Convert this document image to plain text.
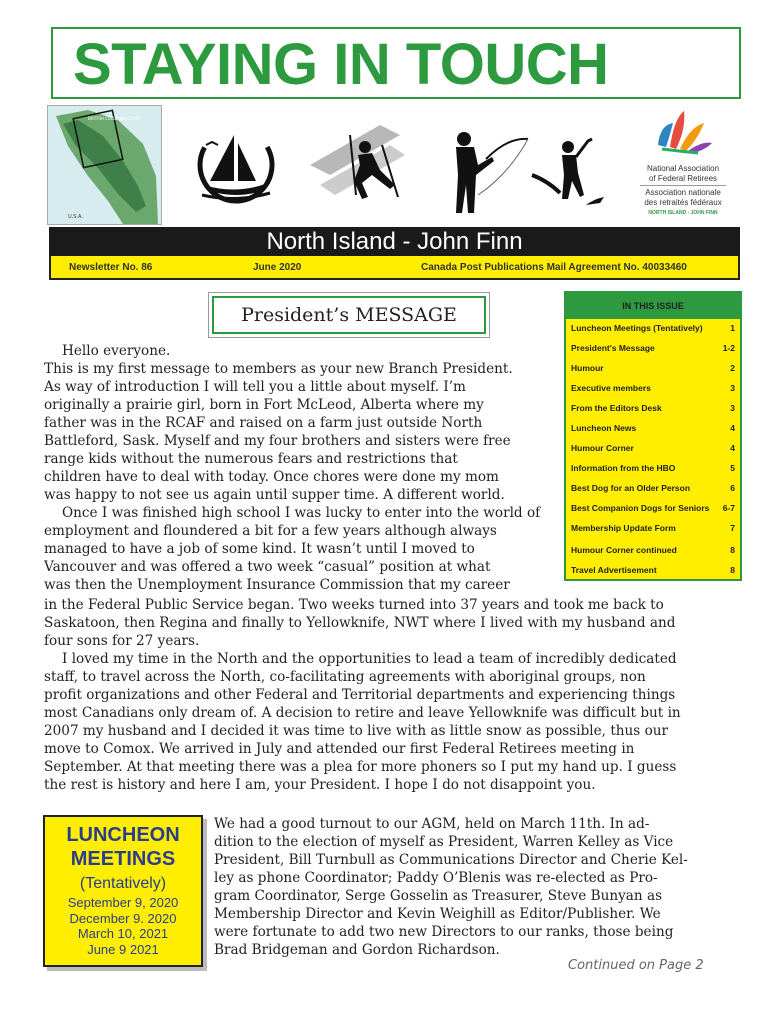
STAYING IN TOUCH
BRITISH COLUMBIA COAST
U.S.A.
National Association
of Federal Retirees
Association nationale
des retraités fédéraux
NORTH ISLAND - JOHN FINN
North Island - John Finn
Newsletter No. 86	June 2020	Canada Post Publications Mail Agreement No. 40033460
President’s MESSAGE	IN THIS ISSUE
Luncheon Meetings (Tentatively)	1
President's Message	1-2
Humour	2
Executive members	3
From the Editors Desk	3
Luncheon News	4
Humour Corner	4
Information from the HBO	5
Best Dog for an Older Person	6
Best Companion Dogs for Seniors 6-7
Membership Update Form	7
Humour Corner continued	8
Travel Advertisement	8
Hello everyone.
This is my first message to members as your new Branch President.
As way of introduction I will tell you a little about myself. I’m
originally a prairie girl, born in Fort McLeod, Alberta where my
father was in the RCAF and raised on a farm just outside North
Battleford, Sask. Myself and my four brothers and sisters were free
range kids without the numerous fears and restrictions that
children have to deal with today. Once chores were done my mom
was happy to not see us again until supper time. A different world.
Once I was finished high school I was lucky to enter into the world of
employment and floundered a bit for a few years although always
managed to have a job of some kind. It wasn’t until I moved to
Vancouver and was offered a two week “casual” position at what
was then the Unemployment Insurance Commission that my career
in the Federal Public Service began. Two weeks turned into 37 years and took me back to
Saskatoon, then Regina and finally to Yellowknife, NWT where I lived with my husband and
four sons for 27 years.
I loved my time in the North and the opportunities to lead a team of incredibly dedicated
staff, to travel across the North, co-facilitating agreements with aboriginal groups, non
profit organizations and other Federal and Territorial departments and experiencing things
most Canadians only dream of. A decision to retire and leave Yellowknife was difficult but in
2007 my husband and I decided it was time to live with as little snow as possible, thus our
move to Comox. We arrived in July and attended our first Federal Retirees meeting in
September. At that meeting there was a plea for more phoners so I put my hand up. I guess
the rest is history and here I am, your President. I hope I do not disappoint you.
LUNCHEON
MEETINGS
(Tentatively)
September 9, 2020
December 9. 2020
March 10, 2021
June 9 2021
We had a good turnout to our AGM, held on March 11th. In ad-
dition to the election of myself as President, Warren Kelley as Vice
President, Bill Turnbull as Communications Director and Cherie Kel-
ley as phone Coordinator; Paddy O’Blenis was re-elected as Pro-
gram Coordinator, Serge Gosselin as Treasurer, Steve Bunyan as
Membership Director and Kevin Weighill as Editor/Publisher. We
were fortunate to add two new Directors to our ranks, those being
Brad Bridgeman and Gordon Richardson.
Continued on Page 2
